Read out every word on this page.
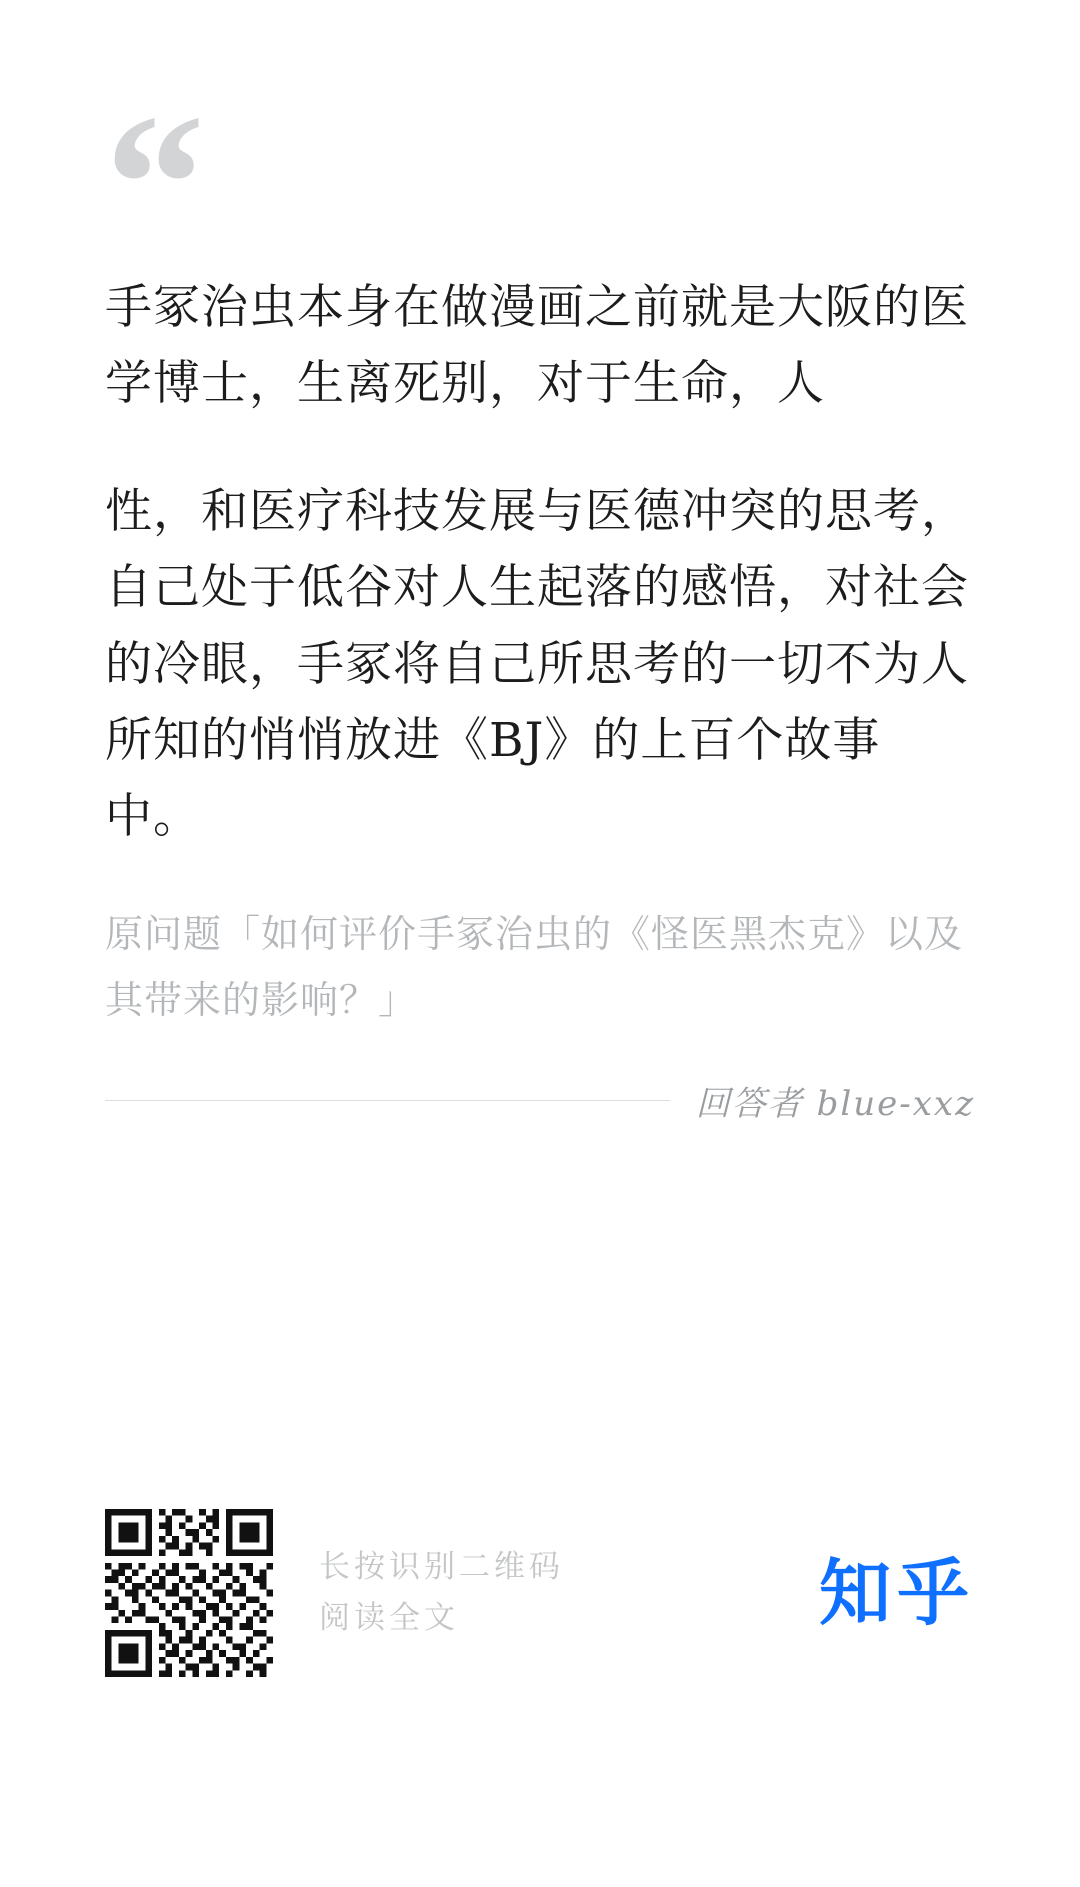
“

手冢治虫本身在做漫画之前就是大阪的医学博士，生离死别，对于生命，人

性，和医疗科技发展与医德冲突的思考，自己处于低谷对人生起落的感悟，对社会的冷眼，手冢将自己所思考的一切不为人所知的悄悄放进《BJ》的上百个故事中。

原问题「如何评价手冢治虫的《怪医黑杰克》以及其带来的影响？」

回答者 blue-xxz
长按识别二维码
阅读全文	知乎
